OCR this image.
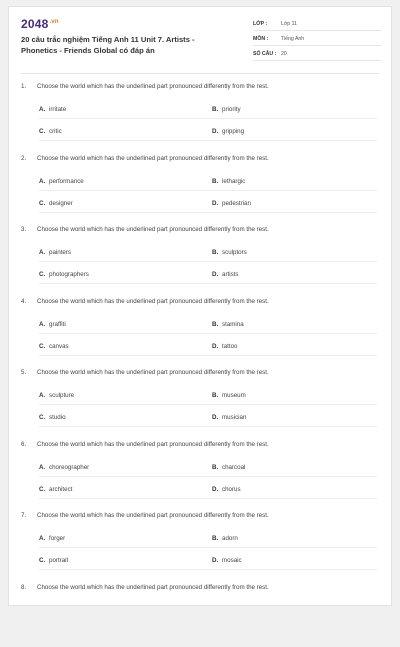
$2048^{.vn}$
20 câu trắc nghiệm Tiếng Anh 11 Unit 7. Artists - Phonetics - Friends Global có đáp án
LỚP :	Lớp 11
MÔN :	Tiếng Anh
SỐ CÂU : 20
1. Choose the world which has the underlined part pronounced differently from the rest.
A. irritate	B. priority
C. critic	D. gripping
2. Choose the world which has the underlined part pronounced differently from the rest.
A. performance	B. lethargic
C. designer	D. pedestrian
3. Choose the world which has the underlined part pronounced differently from the rest.
A. painters	B. sculptors
C. photographers	D. artists
4. Choose the world which has the underlined part pronounced differently from the rest.
A. graffiti	B. stamina
C. canvas	D. tattoo
5. Choose the world which has the underlined part pronounced differently from the rest.
A. sculpture	B. museum
C. studio	D. musician
6. Choose the world which has the underlined part pronounced differently from the rest.
A. choreographer	B. charcoal
C. architect	D. chorus
7. Choose the world which has the underlined part pronounced differently from the rest.
A. forger	B. adorn
C. portrait	D. mosaic
8. Choose the world which has the underlined part pronounced differently from the rest.
